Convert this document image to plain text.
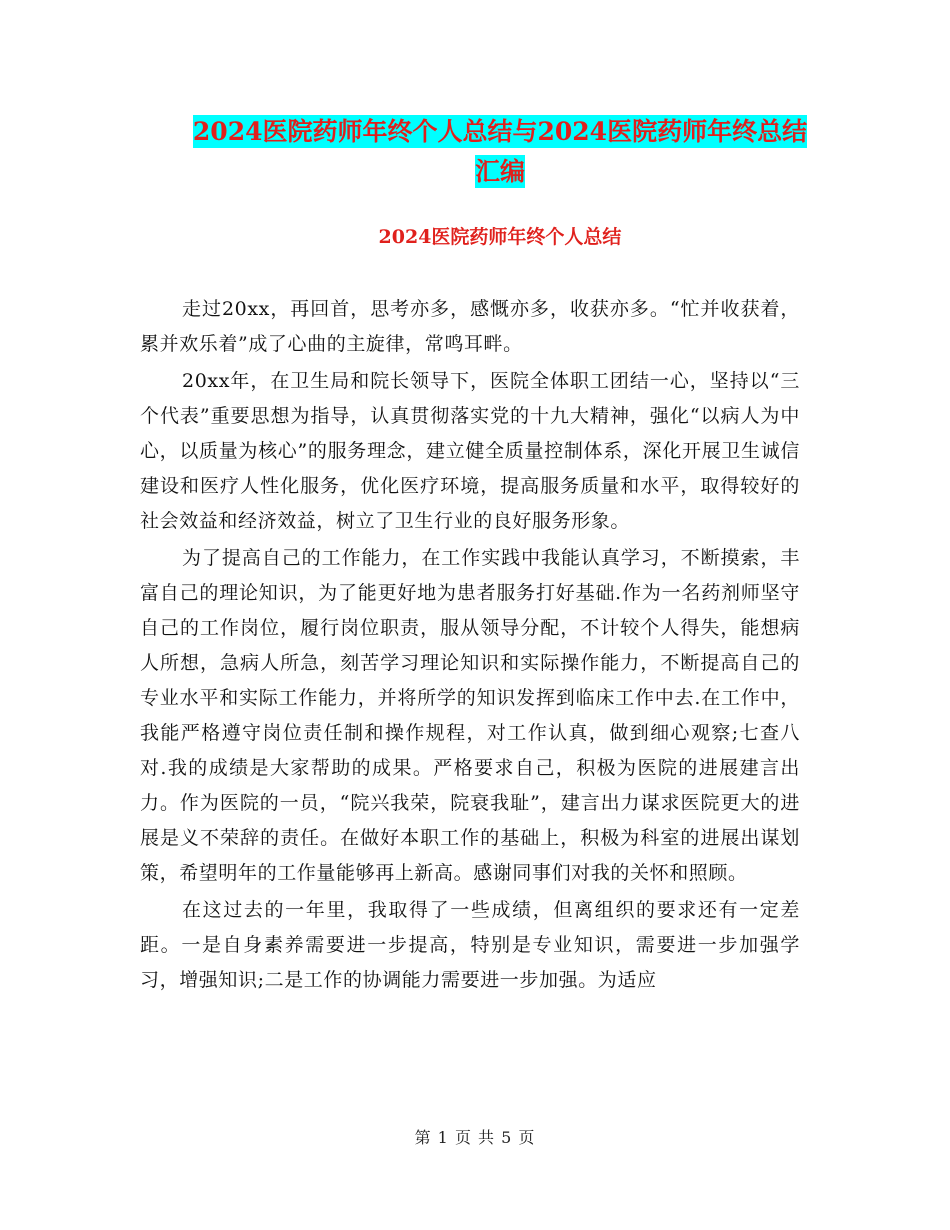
2024医院药师年终个人总结与2024医院药师年终总结
汇编
2024医院药师年终个人总结

走过20xx，再回首，思考亦多，感慨亦多，收获亦多。“忙并收获着，累并欢乐着”成了心曲的主旋律，常鸣耳畔。

20xx年，在卫生局和院长领导下，医院全体职工团结一心，坚持以“三个代表”重要思想为指导，认真贯彻落实党的十九大精神，强化“以病人为中心，以质量为核心”的服务理念，建立健全质量控制体系，深化开展卫生诚信建设和医疗人性化服务，优化医疗环境，提高服务质量和水平，取得较好的社会效益和经济效益，树立了卫生行业的良好服务形象。

为了提高自己的工作能力，在工作实践中我能认真学习，不断摸索，丰富自己的理论知识，为了能更好地为患者服务打好基础.作为一名药剂师坚守自己的工作岗位，履行岗位职责，服从领导分配，不计较个人得失，能想病人所想，急病人所急，刻苦学习理论知识和实际操作能力，不断提高自己的专业水平和实际工作能力，并将所学的知识发挥到临床工作中去.在工作中，我能严格遵守岗位责任制和操作规程，对工作认真，做到细心观察;七查八对.我的成绩是大家帮助的成果。严格要求自己，积极为医院的进展建言出力。作为医院的一员，“院兴我荣，院衰我耻”，建言出力谋求医院更大的进展是义不荣辞的责任。在做好本职工作的基础上，积极为科室的进展出谋划策，希望明年的工作量能够再上新高。感谢同事们对我的关怀和照顾。

在这过去的一年里，我取得了一些成绩，但离组织的要求还有一定差距。一是自身素养需要进一步提高，特别是专业知识，需要进一步加强学习，增强知识;二是工作的协调能力需要进一步加强。为适应

第 1 页 共 5 页
